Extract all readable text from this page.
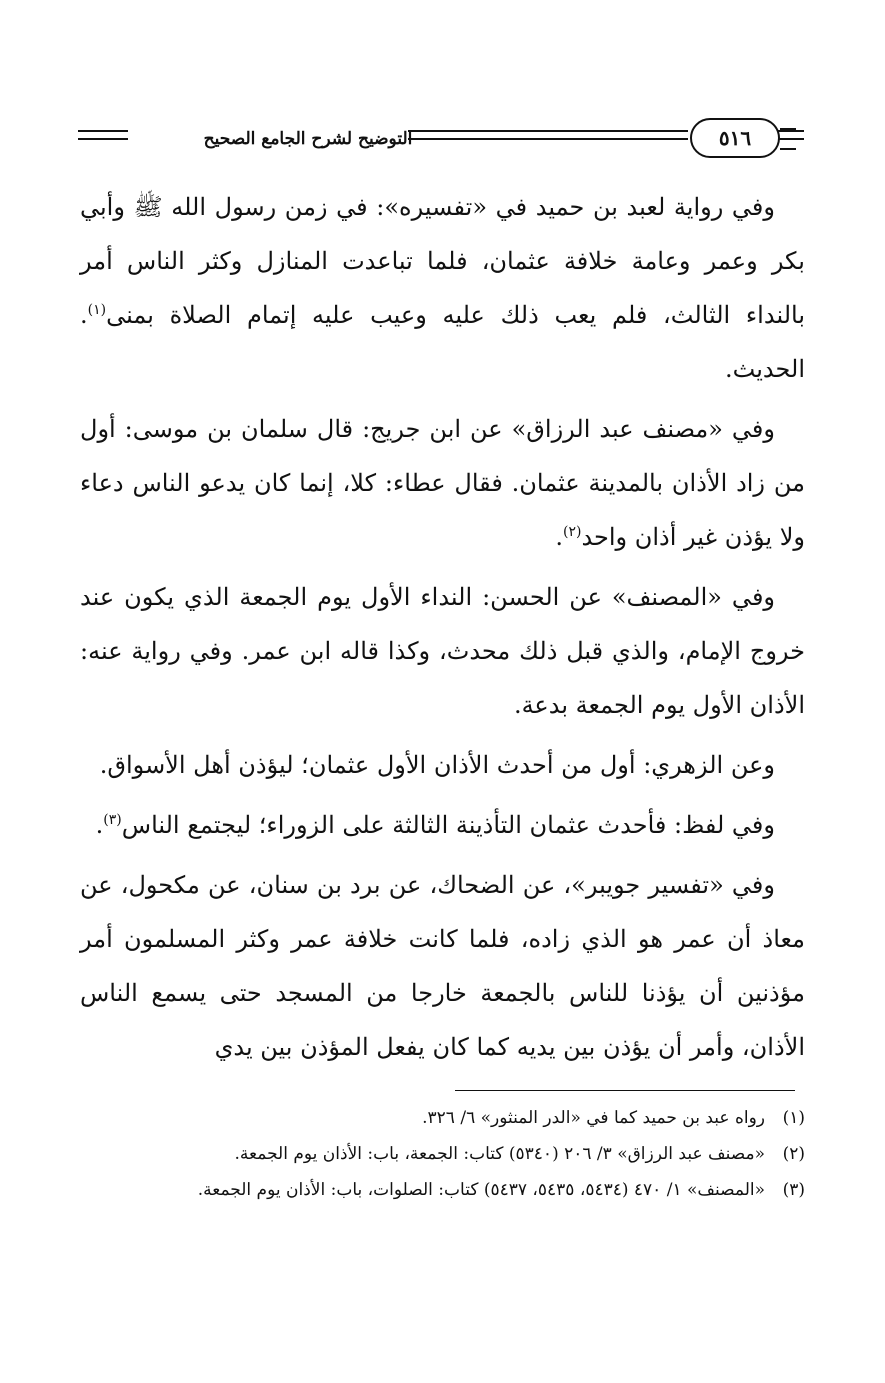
التوضيح لشرح الجامع الصحيح	٥١٦

وفي رواية لعبد بن حميد في «تفسيره»: في زمن رسول الله ﷺ وأبي بكر وعمر وعامة خلافة عثمان، فلما تباعدت المنازل وكثر الناس أمر بالنداء الثالث، فلم يعب ذلك عليه وعيب عليه إتمام الصلاة بمنى$^{(١)}$. الحديث.

وفي «مصنف عبد الرزاق» عن ابن جريج: قال سلمان بن موسى: أول من زاد الأذان بالمدينة عثمان. فقال عطاء: كلا، إنما كان يدعو الناس دعاء ولا يؤذن غير أذان واحد$^{(٢)}$.

وفي «المصنف» عن الحسن: النداء الأول يوم الجمعة الذي يكون عند خروج الإمام، والذي قبل ذلك محدث، وكذا قاله ابن عمر. وفي رواية عنه: الأذان الأول يوم الجمعة بدعة.

وعن الزهري: أول من أحدث الأذان الأول عثمان؛ ليؤذن أهل الأسواق.

وفي لفظ: فأحدث عثمان التأذينة الثالثة على الزوراء؛ ليجتمع الناس$^{(٣)}$.

وفي «تفسير جويبر»، عن الضحاك، عن برد بن سنان، عن مكحول، عن معاذ أن عمر هو الذي زاده، فلما كانت خلافة عمر وكثر المسلمون أمر مؤذنين أن يؤذنا للناس بالجمعة خارجا من المسجد حتى يسمع الناس الأذان، وأمر أن يؤذن بين يديه كما كان يفعل المؤذن بين يدي

(١)
رواه عبد بن حميد كما في «الدر المنثور» ٦/ ٣٢٦.
(٢)
«مصنف عبد الرزاق» ٣/ ٢٠٦ (٥٣٤٠) كتاب: الجمعة، باب: الأذان يوم الجمعة.
(٣)
«المصنف» ١/ ٤٧٠ (٥٤٣٤، ٥٤٣٥، ٥٤٣٧) كتاب: الصلوات، باب: الأذان يوم الجمعة.
